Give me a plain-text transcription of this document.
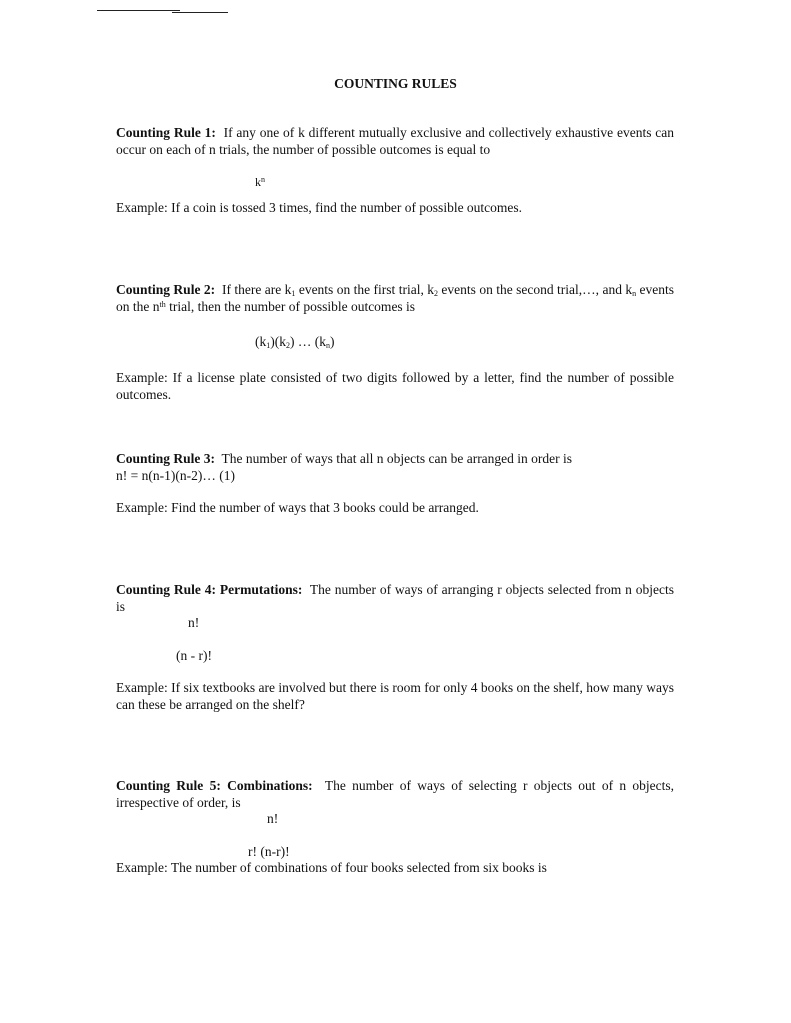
COUNTING RULES
Counting Rule 1: If any one of k different mutually exclusive and collectively exhaustive events can occur on each of n trials, the number of possible outcomes is equal to
$k^n$
Example: If a coin is tossed 3 times, find the number of possible outcomes.
Counting Rule 2: If there are $k_1$ events on the first trial, $k_2$ events on the second trial,…, and $k_n$ events on the $n^{th}$ trial, then the number of possible outcomes is
$(k_1)(k_2)$ … $(k_n)$
Example: If a license plate consisted of two digits followed by a letter, find the number of possible outcomes.
Counting Rule 3: The number of ways that all n objects can be arranged in order is
n! = n(n-1)(n-2)… (1)
Example: Find the number of ways that 3 books could be arranged.
Counting Rule 4: Permutations: The number of ways of arranging r objects selected from n objects is
n!
(n - r)!
Example: If six textbooks are involved but there is room for only 4 books on the shelf, how many ways can these be arranged on the shelf?
Counting Rule 5: Combinations: The number of ways of selecting r objects out of n objects, irrespective of order, is
n!
r! (n-r)!
Example: The number of combinations of four books selected from six books is
